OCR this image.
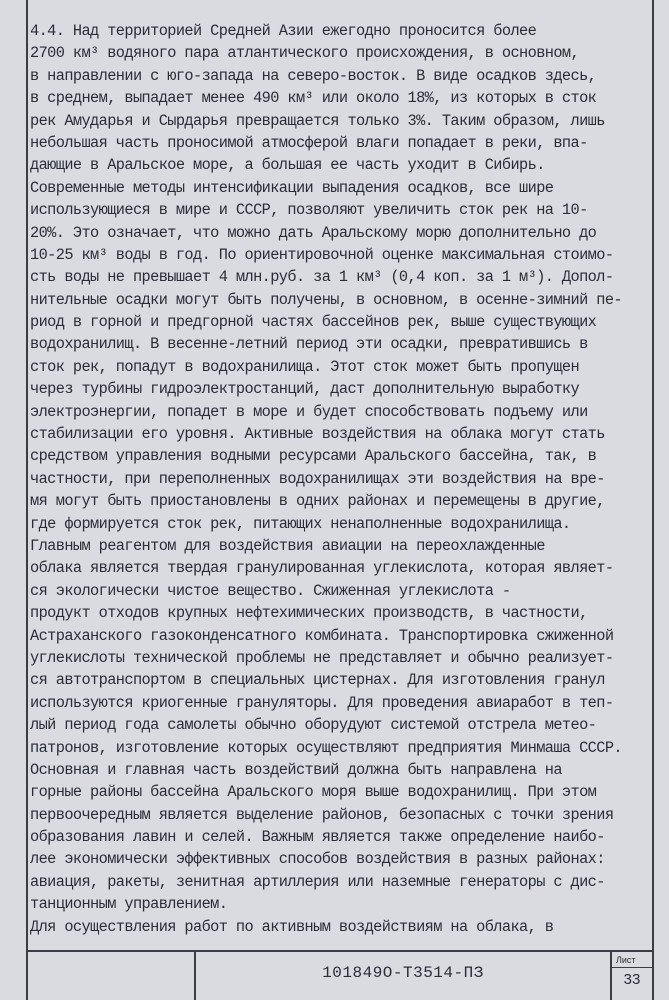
4.4. Над территорией Средней Азии ежегодно проносится более
2700 км³ водяного пара атлантического происхождения, в основном,
в направлении с юго-запада на северо-восток. В виде осадков здесь,
в среднем, выпадает менее 490 км³ или около 18%, из которых в сток
рек Амударья и Сырдарья превращается только 3%. Таким образом, лишь
небольшая часть проносимой атмосферой влаги попадает в реки, впа-
дающие в Аральское море, а большая ее часть уходит в Сибирь.
Современные методы интенсификации выпадения осадков, все шире
использующиеся в мире и СССР, позволяют увеличить сток рек на 10-
20%. Это означает, что можно дать Аральскому морю дополнительно до
10-25 км³ воды в год. По ориентировочной оценке максимальная стоимо-
сть воды не превышает 4 млн.руб. за 1 км³ (0,4 коп. за 1 м³). Допол-
нительные осадки могут быть получены, в основном, в осенне-зимний пе-
риод в горной и предгорной частях бассейнов рек, выше существующих
водохранилищ. В весенне-летний период эти осадки, превратившись в
сток рек, попадут в водохранилища. Этот сток может быть пропущен
через турбины гидроэлектростанций, даст дополнительную выработку
электроэнергии, попадет в море и будет способствовать подъему или
стабилизации его уровня. Активные воздействия на облака могут стать
средством управления водными ресурсами Аральского бассейна, так, в
частности, при переполненных водохранилищах эти воздействия на вре-
мя могут быть приостановлены в одних районах и перемещены в другие,
где формируется сток рек, питающих ненаполненные водохранилища.
Главным реагентом для воздействия авиации на переохлажденные
облака является твердая гранулированная углекислота, которая являет-
ся экологически чистое вещество. Сжиженная углекислота -
продукт отходов крупных нефтехимических производств, в частности,
Астраханского газоконденсатного комбината. Транспортировка сжиженной
углекислоты технической проблемы не представляет и обычно реализует-
ся автотранспортом в специальных цистернах. Для изготовления гранул
используются криогенные грануляторы. Для проведения авиаработ в теп-
лый период года самолеты обычно оборудуют системой отстрела метео-
патронов, изготовление которых осуществляют предприятия Минмаша СССР.
Основная и главная часть воздействий должна быть направлена на
горные районы бассейна Аральского моря выше водохранилищ. При этом
первоочередным является выделение районов, безопасных с точки зрения
образования лавин и селей. Важным является также определение наибо-
лее экономически эффективных способов воздействия в разных районах:
авиация, ракеты, зенитная артиллерия или наземные генераторы с дис-
танционным управлением.
Для осуществления работ по активным воздействиям на облака, в
101849О-Т3514-ПЗ
Лист
33
